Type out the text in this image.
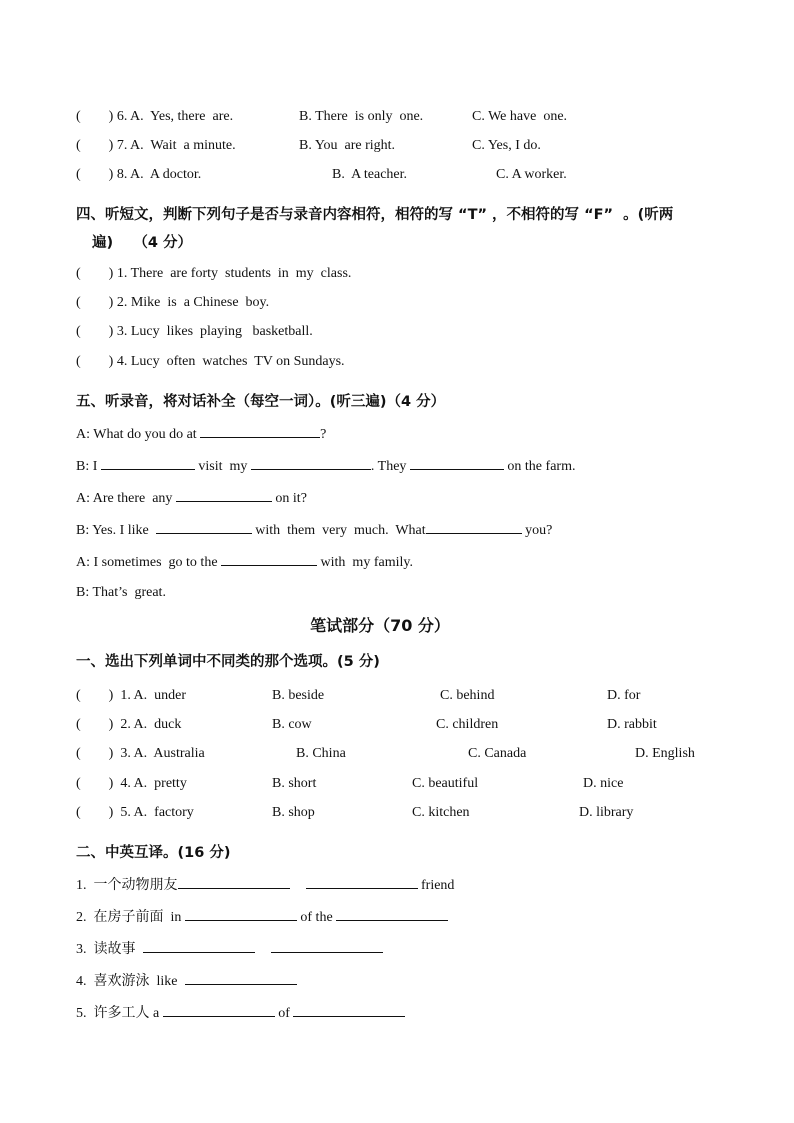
(        ) 6. A.  Yes, there  are.	B. There  is only  one.	C. We have  one.
(        ) 7. A.  Wait  a minute.	B. You  are right.	C. Yes, I do.
(        ) 8. A.  A doctor.	B.  A teacher.	C. A worker.
四、听短文，判断下列句子是否与录音内容相符，相符的写 “T” ，不相符的写 “F”  。(听两
遍)    （4 分）
(        ) 1. There  are forty  students  in  my  class.
(        ) 2. Mike  is  a Chinese  boy.
(        ) 3. Lucy  likes  playing   basketball.
(        ) 4. Lucy  often  watches  TV on Sundays.
五、听录音，将对话补全（每空一词）。(听三遍)（4 分）
A: What do you do at	?
B: I	visit  my	. They	on the farm.
A: Are there  any	on it?
B: Yes. I like	with  them  very  much.  What	you?
A: I sometimes  go to the	with  my family.
B: That’s  great.
笔试部分（70 分）
一、选出下列单词中不同类的那个选项。(5 分)
(        )  1. A.  under	B. beside	C. behind	D. for
(        )  2. A.  duck	B. cow	C. children	D. rabbit
(        )  3. A.  Australia	B. China	C. Canada	D. English
(        )  4. A.  pretty	B. short	C. beautiful	D. nice
(        )  5. A.  factory	B. shop	C. kitchen	D. library
二、中英互译。(16 分)
1.  一个动物朋友	friend
2.  在房子前面  in	of the
3.  读故事
4.  喜欢游泳  like
5.  许多工人 a	of
